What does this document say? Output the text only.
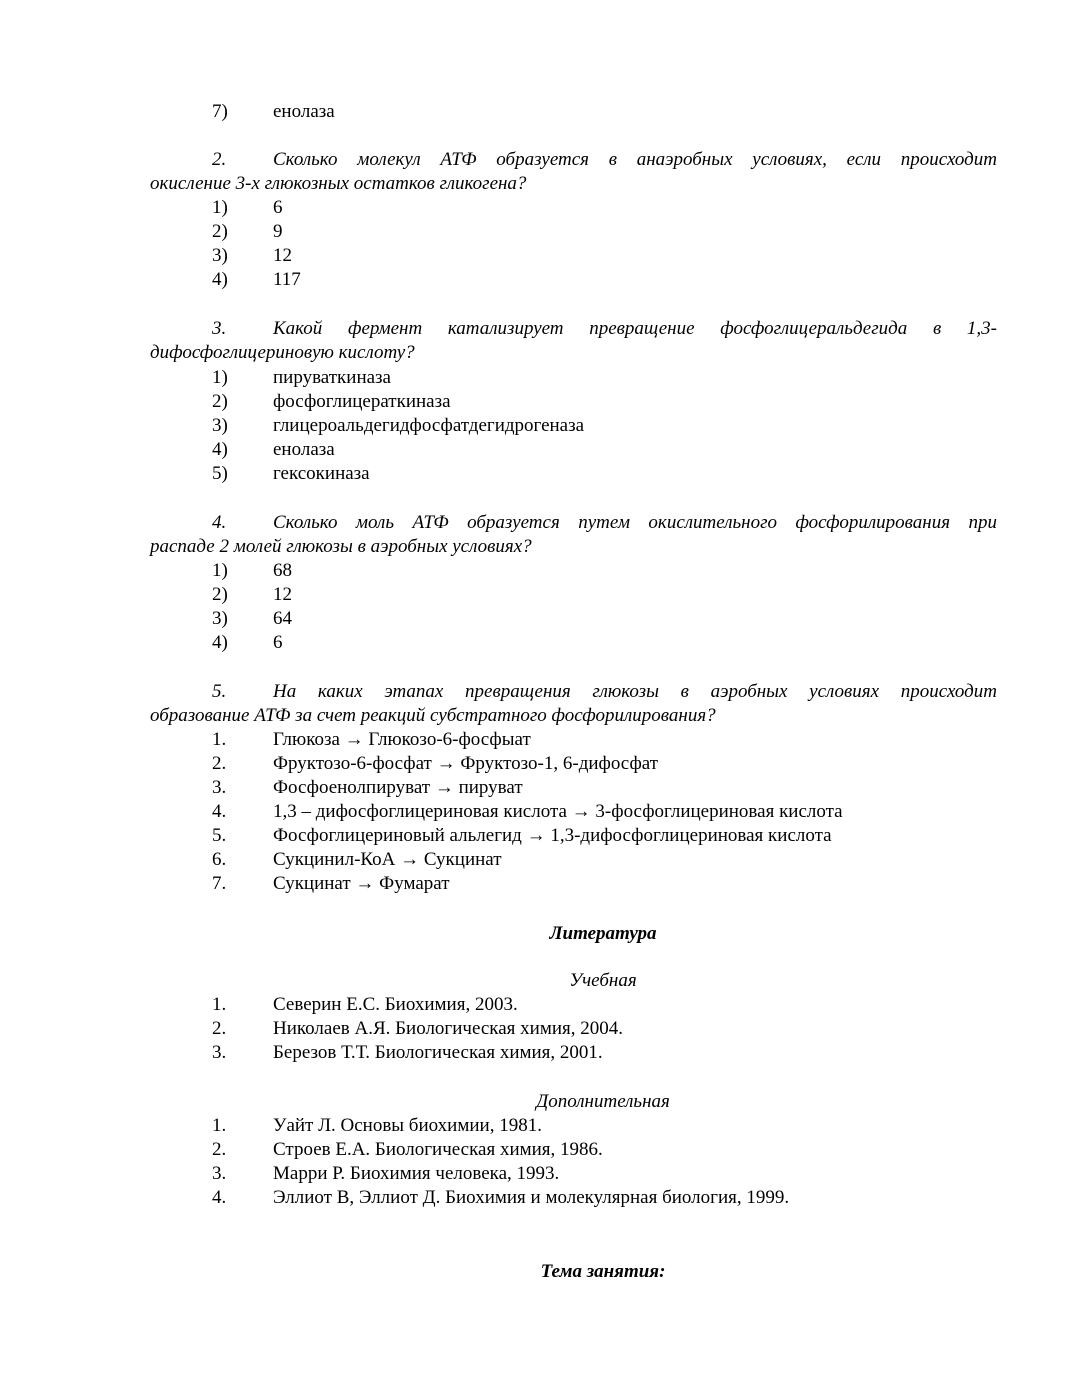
7) енолаза
2. Сколько молекул АТФ образуется в анаэробных условиях, если происходит
окисление 3-х глюкозных остатков гликогена?
1) 6
2) 9
3) 12
4) 117
3. Какой фермент катализирует превращение фосфоглицеральдегида в 1,3-
дифосфоглицериновую кислоту?
1) пируваткиназа
2) фосфоглицераткиназа
3) глицероальдегидфосфатдегидрогеназа
4) енолаза
5) гексокиназа
4. Сколько моль АТФ образуется путем окислительного фосфорилирования при
распаде 2 молей глюкозы в аэробных условиях?
1) 68
2) 12
3) 64
4) 6
5. На каких этапах превращения глюкозы в аэробных условиях происходит
образование АТФ за счет реакций субстратного фосфорилирования?
1. Глюкоза → Глюкозо-6-фосфыат
2. Фруктозо-6-фосфат → Фруктозо-1, 6-дифосфат
3. Фосфоенолпируват → пируват
4. 1,3 – дифосфоглицериновая кислота → 3-фосфоглицериновая кислота
5. Фосфоглицериновый альлегид → 1,3-дифосфоглицериновая кислота
6. Сукцинил-КоА → Сукцинат
7. Сукцинат → Фумарат
Литература
Учебная
1. Северин Е.С. Биохимия, 2003.
2. Николаев А.Я. Биологическая химия, 2004.
3. Березов Т.Т. Биологическая химия, 2001.
Дополнительная
1. Уайт Л. Основы биохимии, 1981.
2. Строев Е.А. Биологическая химия, 1986.
3. Марри Р. Биохимия человека, 1993.
4. Эллиот В, Эллиот Д. Биохимия и молекулярная биология, 1999.
Тема занятия:
